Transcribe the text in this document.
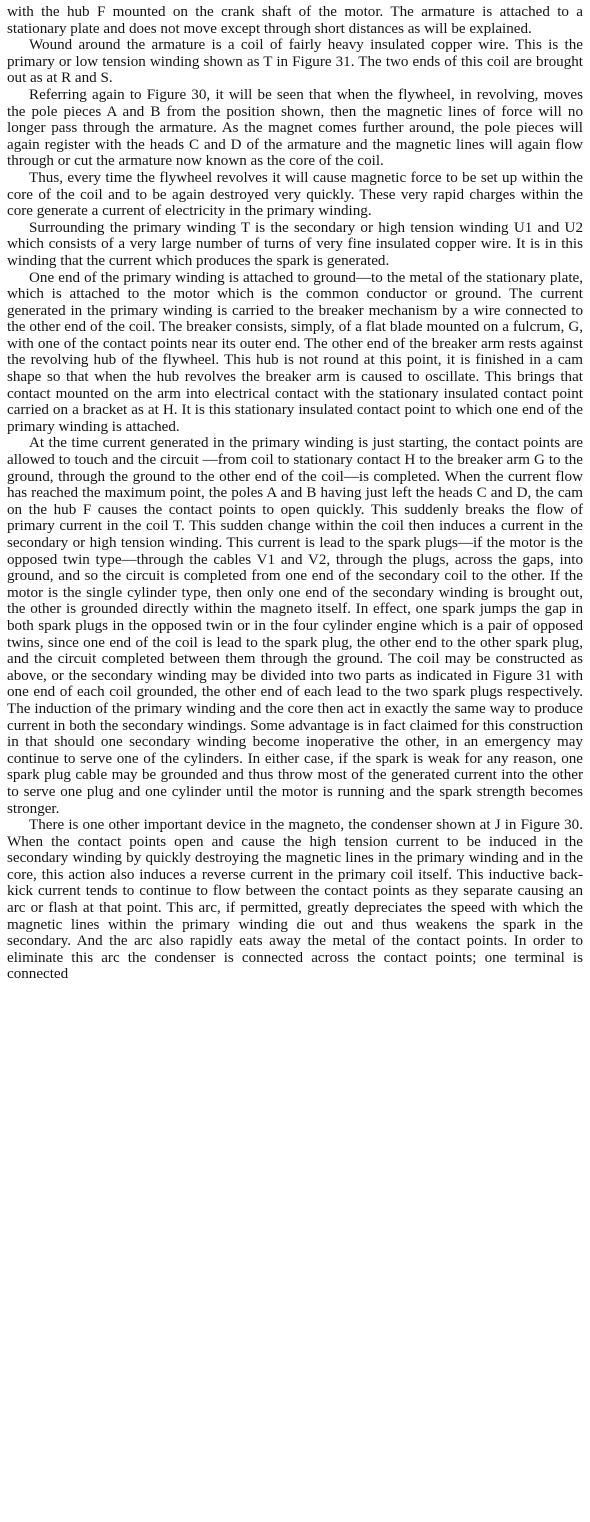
with the hub F mounted on the crank shaft of the motor. The armature is attached to a stationary plate and does not move except through short distances as will be explained.

Wound around the armature is a coil of fairly heavy insulated copper wire. This is the primary or low tension winding shown as T in Figure 31. The two ends of this coil are brought out as at R and S.

Referring again to Figure 30, it will be seen that when the flywheel, in revolving, moves the pole pieces A and B from the position shown, then the magnetic lines of force will no longer pass through the armature. As the magnet comes further around, the pole pieces will again register with the heads C and D of the armature and the magnetic lines will again flow through or cut the armature now known as the core of the coil.

Thus, every time the flywheel revolves it will cause magnetic force to be set up within the core of the coil and to be again destroyed very quickly. These very rapid charges within the core generate a current of electricity in the primary winding.

Surrounding the primary winding T is the secondary or high tension winding U1 and U2 which consists of a very large number of turns of very fine insulated copper wire. It is in this winding that the current which produces the spark is generated.

One end of the primary winding is attached to ground—to the metal of the stationary plate, which is attached to the motor which is the common conductor or ground. The current generated in the primary winding is carried to the breaker mechanism by a wire connected to the other end of the coil. The breaker consists, simply, of a flat blade mounted on a fulcrum, G, with one of the contact points near its outer end. The other end of the breaker arm rests against the revolving hub of the flywheel. This hub is not round at this point, it is finished in a cam shape so that when the hub revolves the breaker arm is caused to oscillate. This brings that contact mounted on the arm into electrical contact with the stationary insulated contact point carried on a bracket as at H. It is this stationary insulated contact point to which one end of the primary winding is attached.

At the time current generated in the primary winding is just starting, the contact points are allowed to touch and the circuit —from coil to stationary contact H to the breaker arm G to the ground, through the ground to the other end of the coil—is completed. When the current flow has reached the maximum point, the poles A and B having just left the heads C and D, the cam on the hub F causes the contact points to open quickly. This suddenly breaks the flow of primary current in the coil T. This sudden change within the coil then induces a current in the secondary or high tension winding. This current is lead to the spark plugs—if the motor is the opposed twin type—through the cables V1 and V2, through the plugs, across the gaps, into ground, and so the circuit is completed from one end of the secondary coil to the other. If the motor is the single cylinder type, then only one end of the secondary winding is brought out, the other is grounded directly within the magneto itself. In effect, one spark jumps the gap in both spark plugs in the opposed twin or in the four cylinder engine which is a pair of opposed twins, since one end of the coil is lead to the spark plug, the other end to the other spark plug, and the circuit completed between them through the ground. The coil may be constructed as above, or the secondary winding may be divided into two parts as indicated in Figure 31 with one end of each coil grounded, the other end of each lead to the two spark plugs respectively. The induction of the primary winding and the core then act in exactly the same way to produce current in both the secondary windings. Some advantage is in fact claimed for this construction in that should one secondary winding become inoperative the other, in an emergency may continue to serve one of the cylinders. In either case, if the spark is weak for any reason, one spark plug cable may be grounded and thus throw most of the generated current into the other to serve one plug and one cylinder until the motor is running and the spark strength becomes stronger.

There is one other important device in the magneto, the condenser shown at J in Figure 30. When the contact points open and cause the high tension current to be induced in the secondary winding by quickly destroying the magnetic lines in the primary winding and in the core, this action also induces a reverse current in the primary coil itself. This inductive back-kick current tends to continue to flow between the contact points as they separate causing an arc or flash at that point. This arc, if permitted, greatly depreciates the speed with which the magnetic lines within the primary winding die out and thus weakens the spark in the secondary. And the arc also rapidly eats away the metal of the contact points. In order to eliminate this arc the condenser is connected across the contact points; one terminal is connected
